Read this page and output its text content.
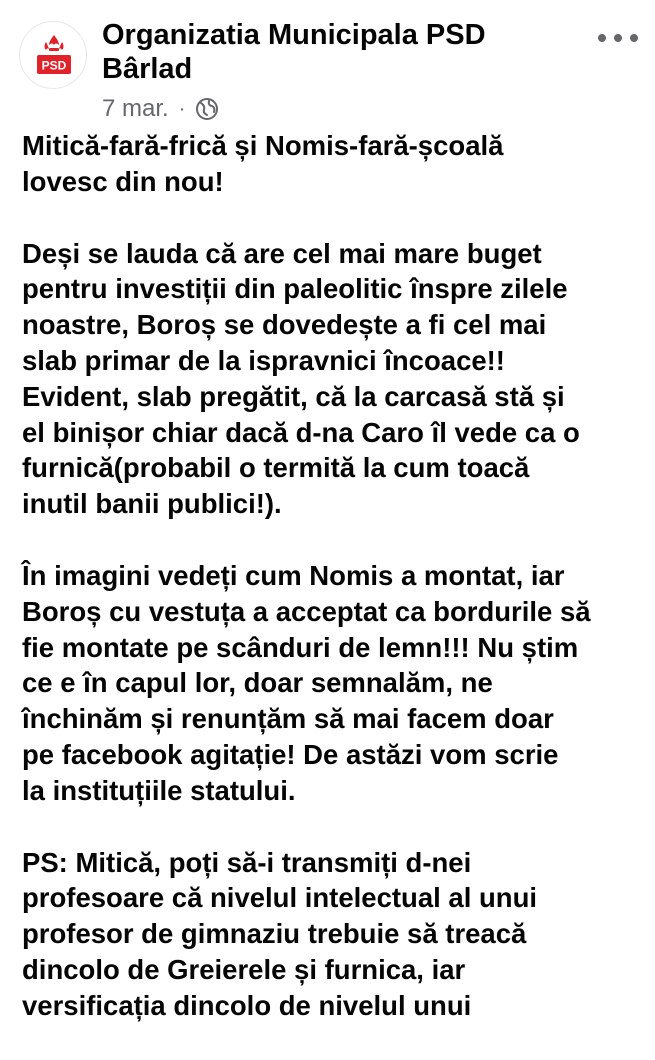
PSD
Organizatia Municipala PSD
Bârlad
7 mar. ·

Mitică-fară-frică și Nomis-fară-școală
lovesc din nou!

Deși se lauda că are cel mai mare buget
pentru investiții din paleolitic înspre zilele
noastre, Boroș se dovedește a fi cel mai
slab primar de la ispravnici încoace!!
Evident, slab pregătit, că la carcasă stă și
el binișor chiar dacă d-na Caro îl vede ca o
furnică(probabil o termită la cum toacă
inutil banii publici!).

În imagini vedeți cum Nomis a montat, iar
Boroș cu vestuța a acceptat ca bordurile să
fie montate pe scânduri de lemn!!! Nu știm
ce e în capul lor, doar semnalăm, ne
închinăm și renunțăm să mai facem doar
pe facebook agitație! De astăzi vom scrie
la instituțiile statului.

PS: Mitică, poți să-i transmiți d-nei
profesoare că nivelul intelectual al unui
profesor de gimnaziu trebuie să treacă
dincolo de Greierele și furnica, iar
versificația dincolo de nivelul unui
